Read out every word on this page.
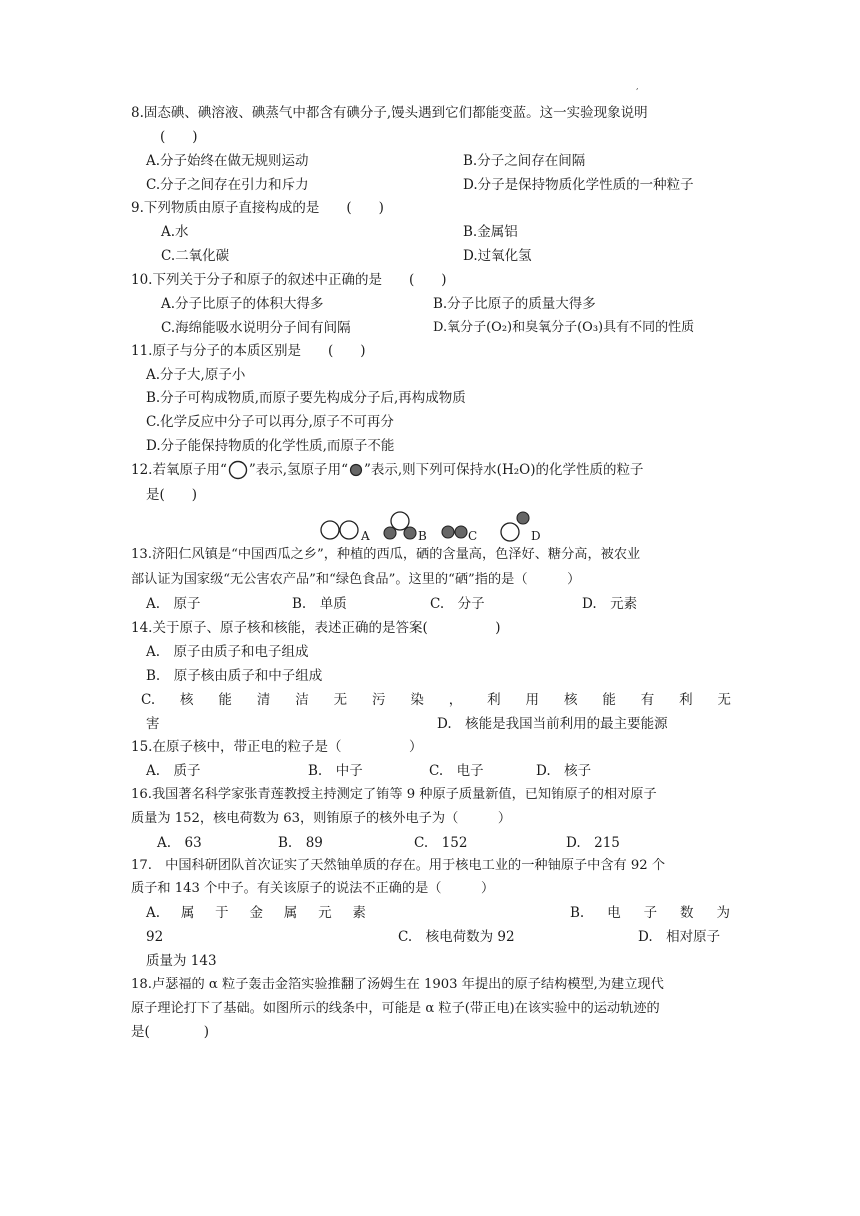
,
8.固态碘、碘溶液、碘蒸气中都含有碘分子,馒头遇到它们都能变蓝。这一实验现象说明
(　　)
A.分子始终在做无规则运动	B.分子之间存在间隔
C.分子之间存在引力和斥力	D.分子是保持物质化学性质的一种粒子
9.下列物质由原子直接构成的是　　(　　)
A.水	B.金属铝
C.二氧化碳	D.过氧化氢
10.下列关于分子和原子的叙述中正确的是　　(　　)
A.分子比原子的体积大得多	B.分子比原子的质量大得多
C.海绵能吸水说明分子间有间隔	D.氧分子(O₂)和臭氧分子(O₃)具有不同的性质
11.原子与分子的本质区别是　　(　　)
A.分子大,原子小
B.分子可构成物质,而原子要先构成分子后,再构成物质
C.化学反应中分子可以再分,原子不可再分
D.分子能保持物质的化学性质,而原子不能
12.若氧原子用“ ”表示,氢原子用“ ”表示,则下列可保持水(H₂O)的化学性质的粒子
是(　　)
A	B	C	D
13.济阳仁风镇是“中国西瓜之乡”，种植的西瓜，硒的含量高，色泽好、糖分高，被农业
部认证为国家级“无公害农产品”和“绿色食品”。这里的“硒”指的是（　　　）
A.　原子	B.　单质	C.　分子	D.　元素
14.关于原子、原子核和核能，表述正确的是答案(　　　　　)
A.　原子由质子和电子组成
B.　原子核由质子和中子组成
C. 核 能 清 洁 无 污 染 ， 利 用 核 能 有 利 无
害	D.　核能是我国当前利用的最主要能源
15.在原子核中，带正电的粒子是（　　　　　）
A.　质子	B.　中子	C.　电子	D.　核子
16.我国著名科学家张青莲教授主持测定了铕等 9 种原子质量新值，已知铕原子的相对原子
质量为 152，核电荷数为 63，则铕原子的核外电子为（　　　）
A.　63	B.　89	C.　152	D.　215
17.　中国科研团队首次证实了天然铀单质的存在。用于核电工业的一种铀原子中含有 92 个
质子和 143 个中子。有关该原子的说法不正确的是（　　　）
A. 属 于 金 属 元 素	B. 电 子 数 为
92	C.　核电荷数为 92	D.　相对原子
质量为 143
18.卢瑟福的 α 粒子轰击金箔实验推翻了汤姆生在 1903 年提出的原子结构模型,为建立现代
原子理论打下了基础。如图所示的线条中，可能是 α 粒子(带正电)在该实验中的运动轨迹的
是(　　　　)
